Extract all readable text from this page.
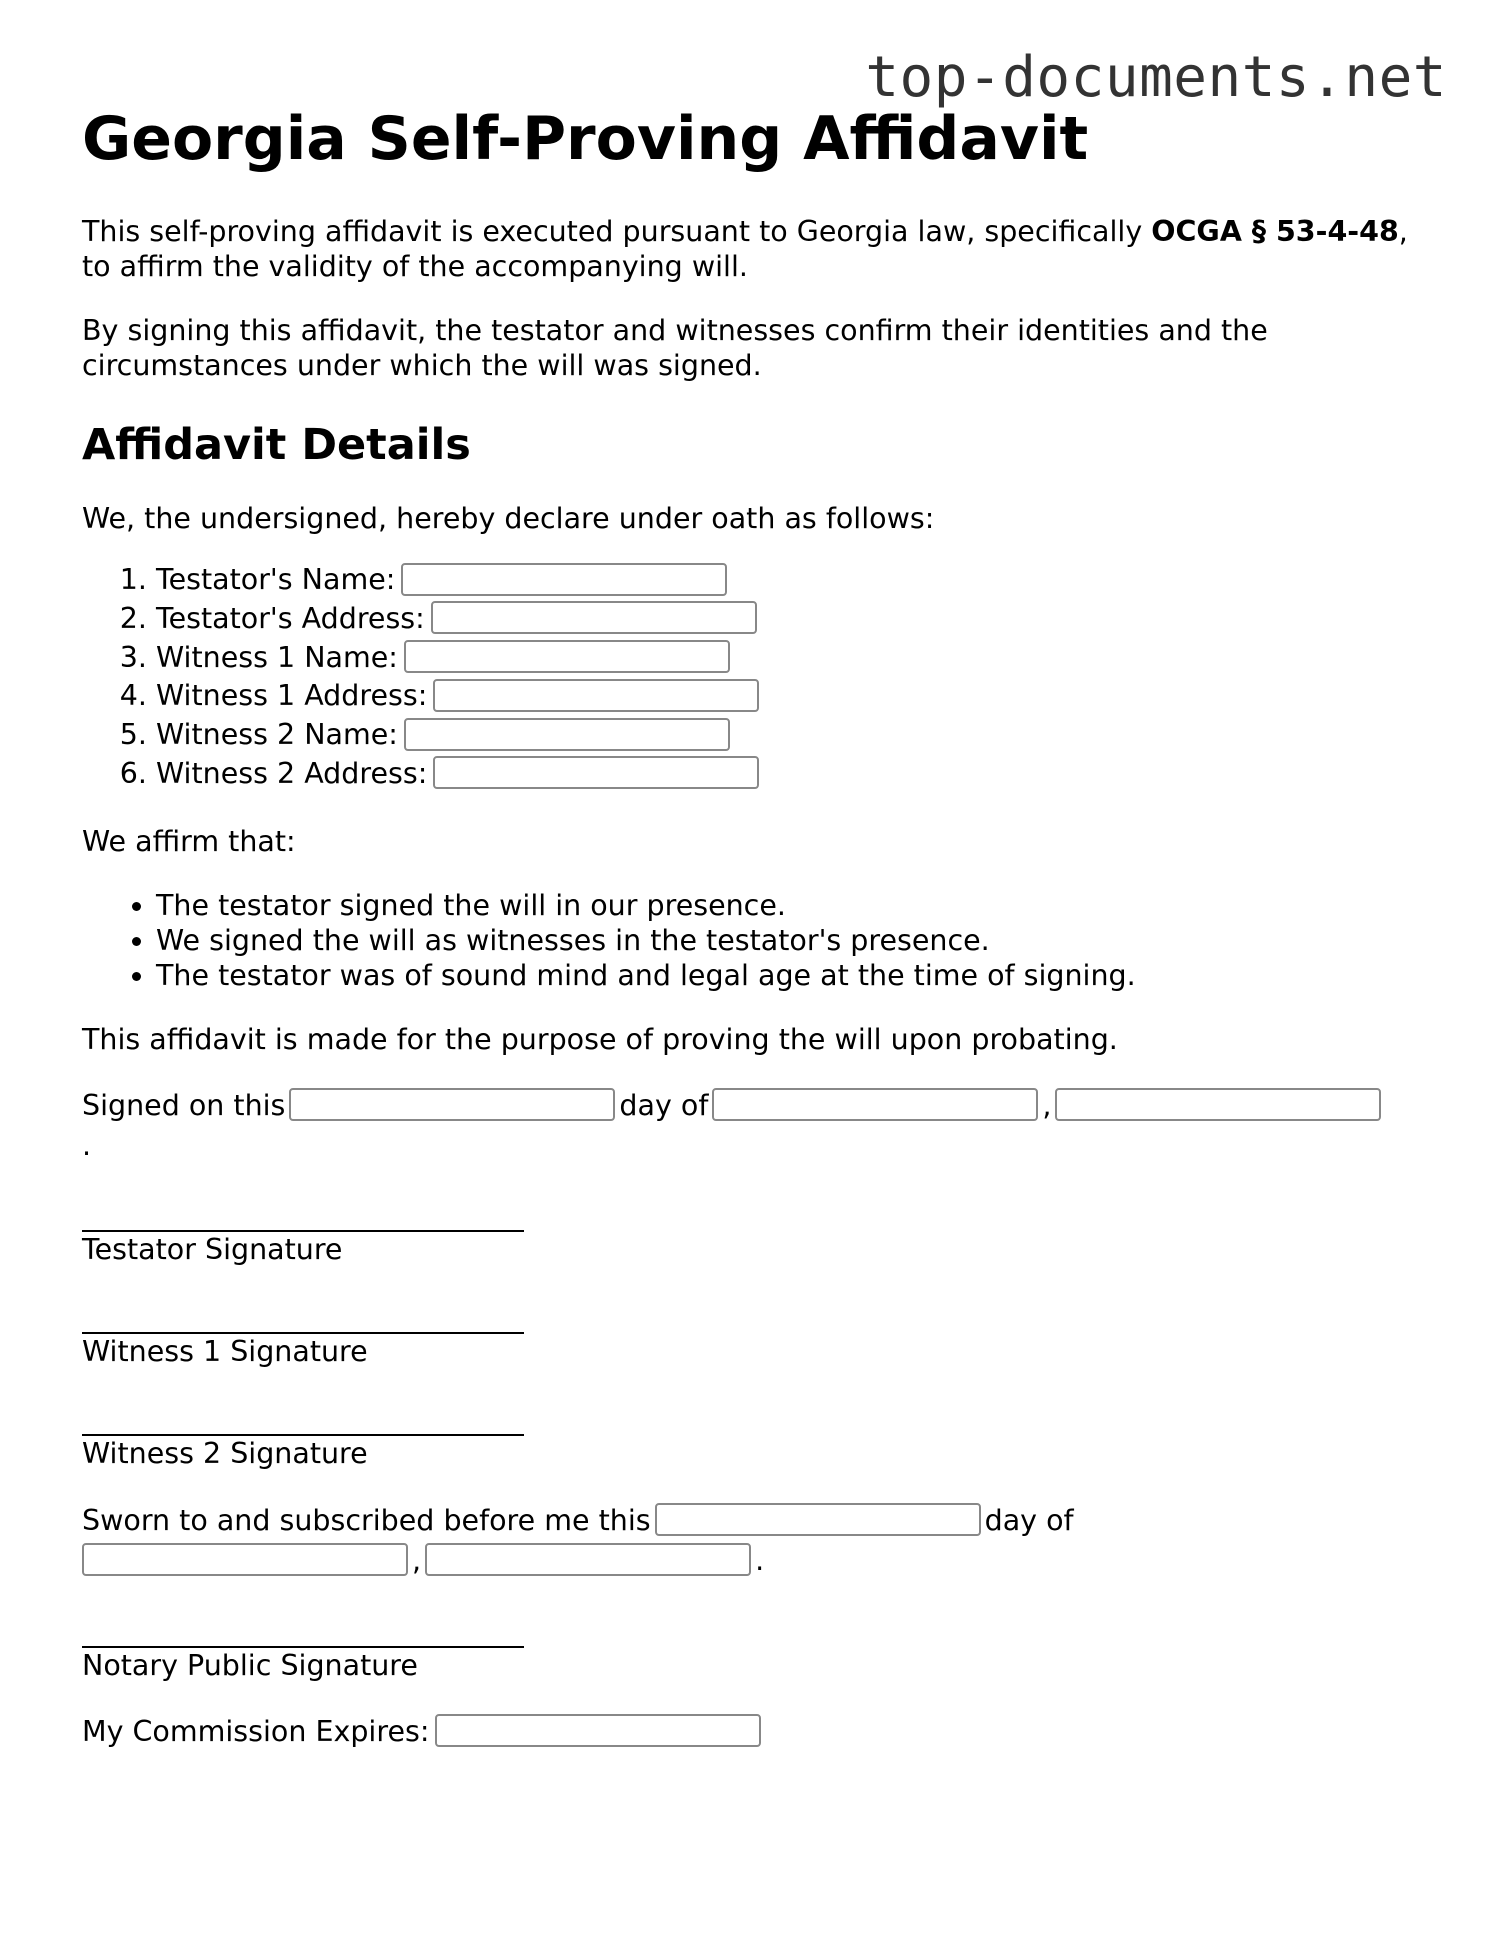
top-documents.net
Georgia Self-Proving Affidavit

This self-proving affidavit is executed pursuant to Georgia law, specifically OCGA § 53-4-48, to affirm the validity of the accompanying will.

By signing this affidavit, the testator and witnesses confirm their identities and the circumstances under which the will was signed.

Affidavit Details

We, the undersigned, hereby declare under oath as follows:

1. Testator's Name:
2. Testator's Address:
3. Witness 1 Name:
4. Witness 1 Address:
5. Witness 2 Name:
6. Witness 2 Address:

We affirm that:

• The testator signed the will in our presence.
• We signed the will as witnesses in the testator's presence.
• The testator was of sound mind and legal age at the time of signing.

This affidavit is made for the purpose of proving the will upon probating.

Signed on this	day of	,
.

Testator Signature
Witness 1 Signature
Witness 2 Signature

Sworn to and subscribed before me this	day of
,	.

Notary Public Signature

My Commission Expires:
